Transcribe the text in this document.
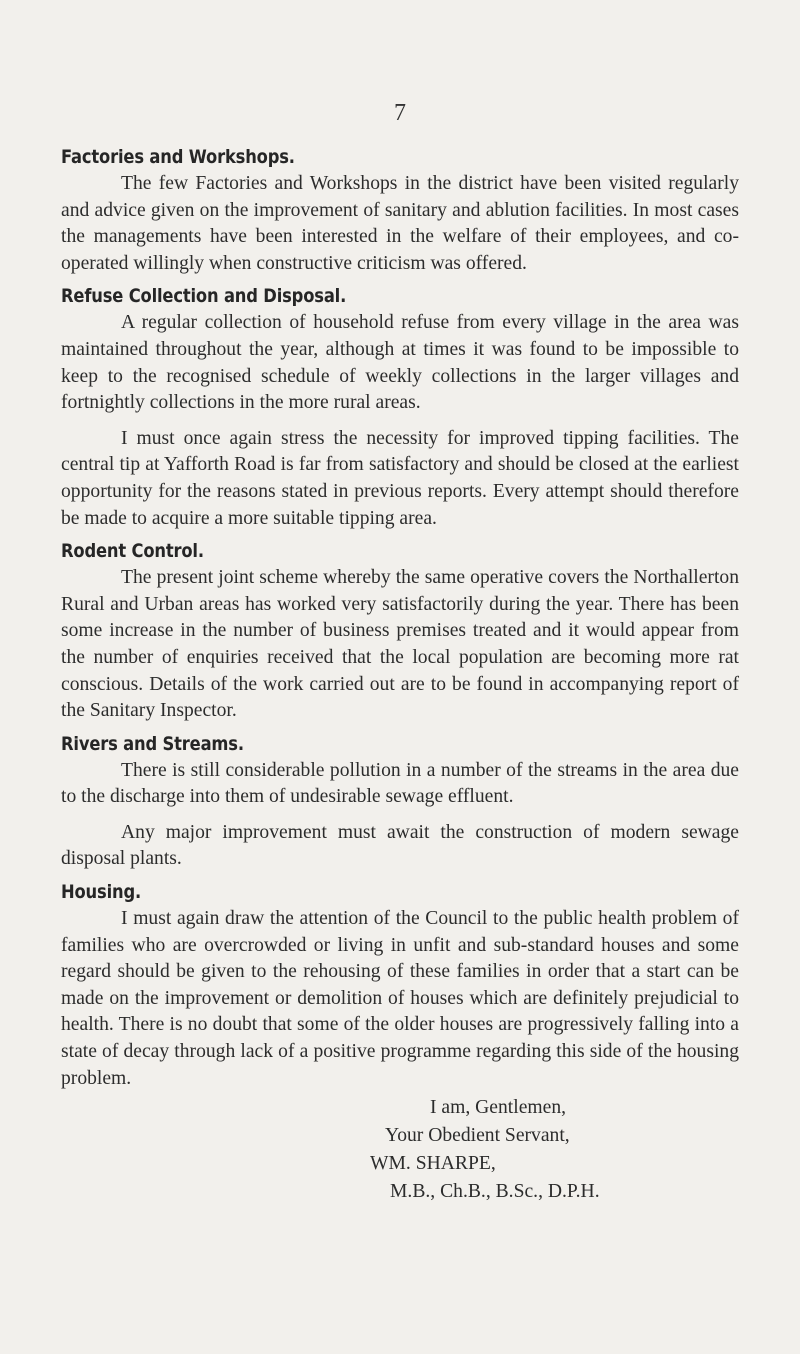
7
Factories and Workshops.

The few Factories and Workshops in the district have been visited regularly and advice given on the improvement of sanitary and ablution facilities. In most cases the managements have been interested in the welfare of their employees, and co-operated willingly when constructive criticism was offered.

Refuse Collection and Disposal.

A regular collection of household refuse from every village in the area was maintained throughout the year, although at times it was found to be impossible to keep to the recognised schedule of weekly collections in the larger villages and fortnightly collections in the more rural areas.

I must once again stress the necessity for improved tipping facilities. The central tip at Yafforth Road is far from satisfactory and should be closed at the earliest opportunity for the reasons stated in previous reports. Every attempt should therefore be made to acquire a more suitable tipping area.

Rodent Control.

The present joint scheme whereby the same operative covers the Northallerton Rural and Urban areas has worked very satisfactorily during the year. There has been some increase in the number of business premises treated and it would appear from the number of enquiries received that the local population are becoming more rat conscious. Details of the work carried out are to be found in accompanying report of the Sanitary Inspector.

Rivers and Streams.

There is still considerable pollution in a number of the streams in the area due to the discharge into them of undesirable sewage effluent.

Any major improvement must await the construction of modern sewage disposal plants.

Housing.

I must again draw the attention of the Council to the public health problem of families who are overcrowded or living in unfit and sub-standard houses and some regard should be given to the rehousing of these families in order that a start can be made on the improvement or demolition of houses which are definitely prejudicial to health. There is no doubt that some of the older houses are progressively falling into a state of decay through lack of a positive programme regarding this side of the housing problem.

I am, Gentlemen,
Your Obedient Servant,
WM. SHARPE,
M.B., Ch.B., B.Sc., D.P.H.
